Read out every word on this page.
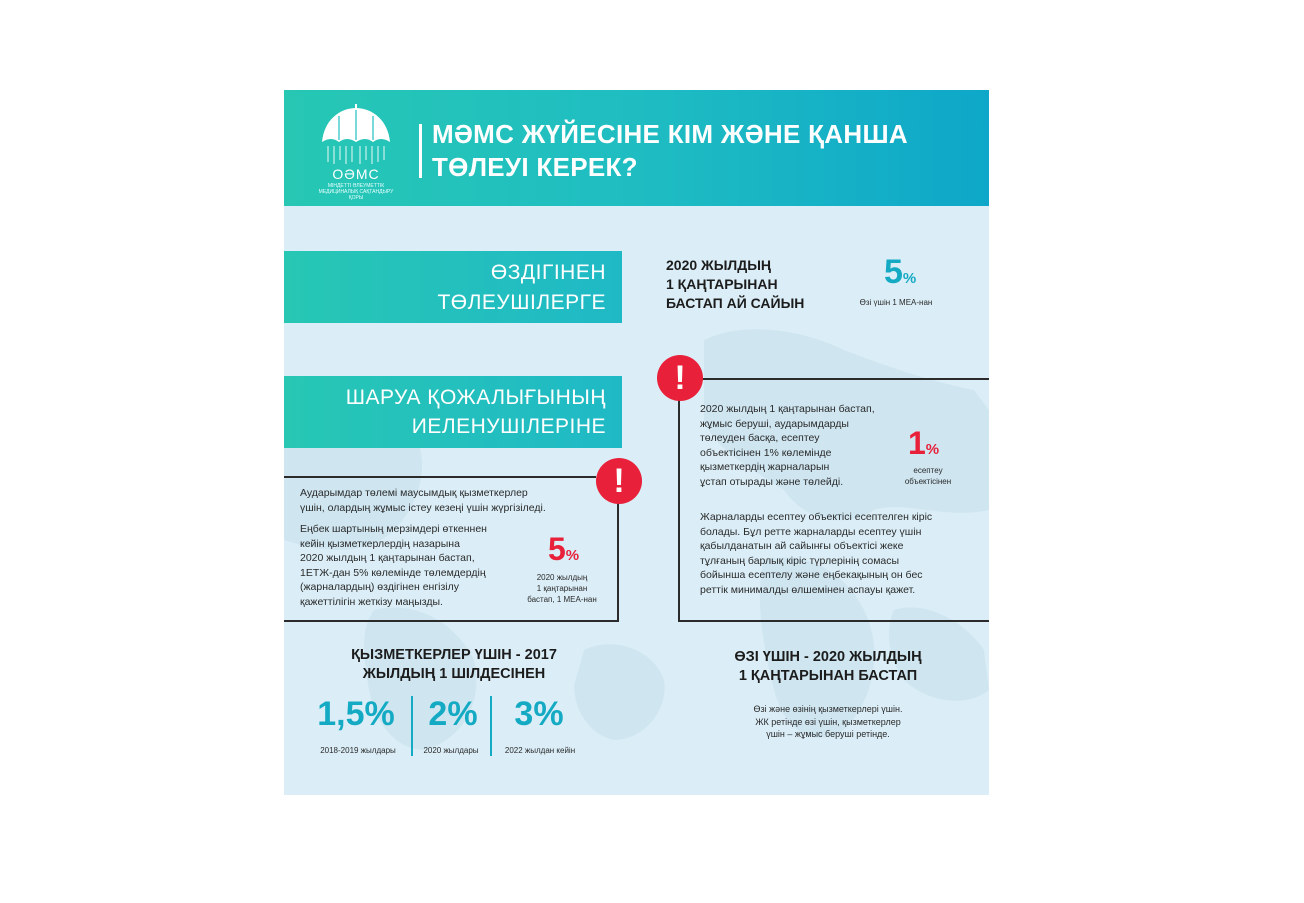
ОӘМС
МІНДЕТТІ ӘЛЕУМЕТТІК МЕДИЦИНАЛЫҚ САҚТАНДЫРУ ҚОРЫ
МӘМС ЖҮЙЕСІНЕ КІМ ЖӘНЕ ҚАНША
ТӨЛЕУІ КЕРЕК?
ӨЗДІГІНЕН
ТӨЛЕУШІЛЕРГЕ
2020 ЖЫЛДЫҢ
1 ҚАҢТАРЫНАН
БАСТАП АЙ САЙЫН
5%
Өзі үшін 1 МЕА-нан
ШАРУА ҚОЖАЛЫҒЫНЫҢ
ИЕЛЕНУШІЛЕРІНЕ
!
Аударымдар төлемі маусымдық қызметкерлер
үшін, олардың жұмыс істеу кезеңі үшін жүргізіледі.
Еңбек шартының мерзімдері өткеннен
кейін қызметкерлердің назарына
2020 жылдың 1 қаңтарынан бастап,
1ЕТЖ-дан 5% көлемінде төлемдердің
(жарналардың) өздігінен енгізілу
қажеттілігін жеткізу маңызды.
5%
2020 жылдың
1 қаңтарынан
бастап, 1 МЕА-нан
!
2020 жылдың 1 қаңтарынан бастап,
жұмыс беруші, аударымдарды
төлеуден басқа, есептеу
объектісінен 1% көлемінде
қызметкердің жарналарын
ұстап отырады және төлейді.
1%
есептеу
объектісінен
Жарналарды есептеу объектісі есептелген кіріс
болады. Бұл ретте жарналарды есептеу үшін
қабылданатын ай сайынғы объектісі жеке
тұлғаның барлық кіріс түрлерінің сомасы
бойынша есептелу және еңбекақының он бес
реттік минималды өлшемінен аспауы қажет.
ҚЫЗМЕТКЕРЛЕР ҮШІН - 2017
ЖЫЛДЫҢ 1 ШІЛДЕСІНЕН
1,5% 2%	3%
2018-2019 жылдары	2020 жылдары	2022 жылдан кейін
ӨЗІ ҮШІН - 2020 ЖЫЛДЫҢ
1 ҚАҢТАРЫНАН БАСТАП
Өзі және өзінің қызметкерлері үшін.
ЖК ретінде өзі үшін, қызметкерлер
үшін – жұмыс беруші ретінде.
